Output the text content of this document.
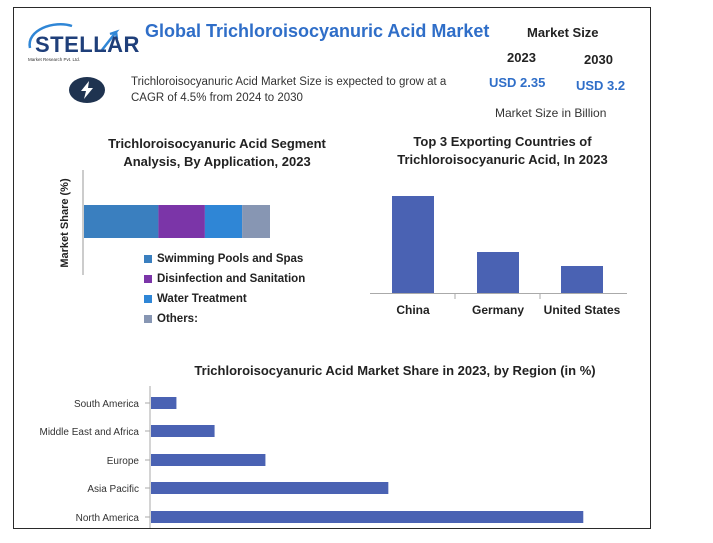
STELLAR
Market Research Pvt. Ltd.
Global Trichloroisocyanuric Acid Market	Market Size
2023	2030
USD 2.35 USD 3.2
Market Size in Billion
Trichloroisocyanuric Acid Market Size is expected to grow at a CAGR of 4.5% from 2024 to 2030
Trichloroisocyanuric Acid Segment Analysis, By Application, 2023
Market Share (%)	Swimming Pools and Spas
Disinfection and Sanitation
Water Treatment
Others:
Top 3 Exporting Countries of Trichloroisocyanuric Acid, In 2023
China	Germany United States
Trichloroisocyanuric Acid Market Share in 2023, by Region (in %)
South America
Middle East and Africa
Europe
Asia Pacific
North America
